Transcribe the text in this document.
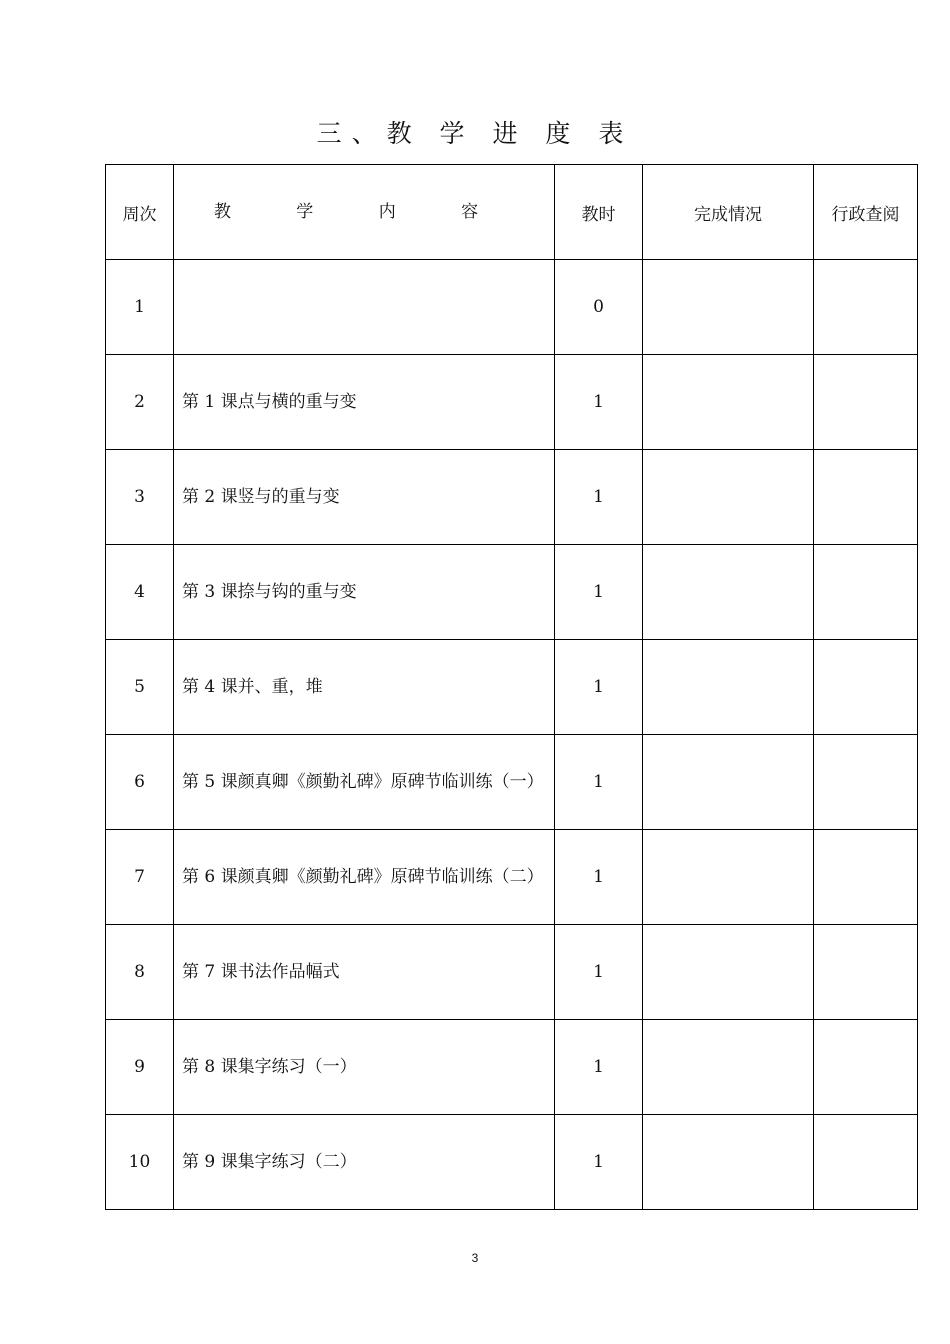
三、教 学 进 度 表
周次	教 学 内 容	教时	完成情况	行政查阅
1		0		
2	第 1 课点与横的重与变	1		
3	第 2 课竖与的重与变	1		
4	第 3 课捺与钩的重与变	1		
5	第 4 课并、重，堆	1		
6	第 5 课颜真卿《颜勤礼碑》原碑节临训练（一）	1		
7	第 6 课颜真卿《颜勤礼碑》原碑节临训练（二）	1		
8	第 7 课书法作品幅式	1		
9	第 8 课集字练习（一）	1		
10	第 9 课集字练习（二）	1		
3
